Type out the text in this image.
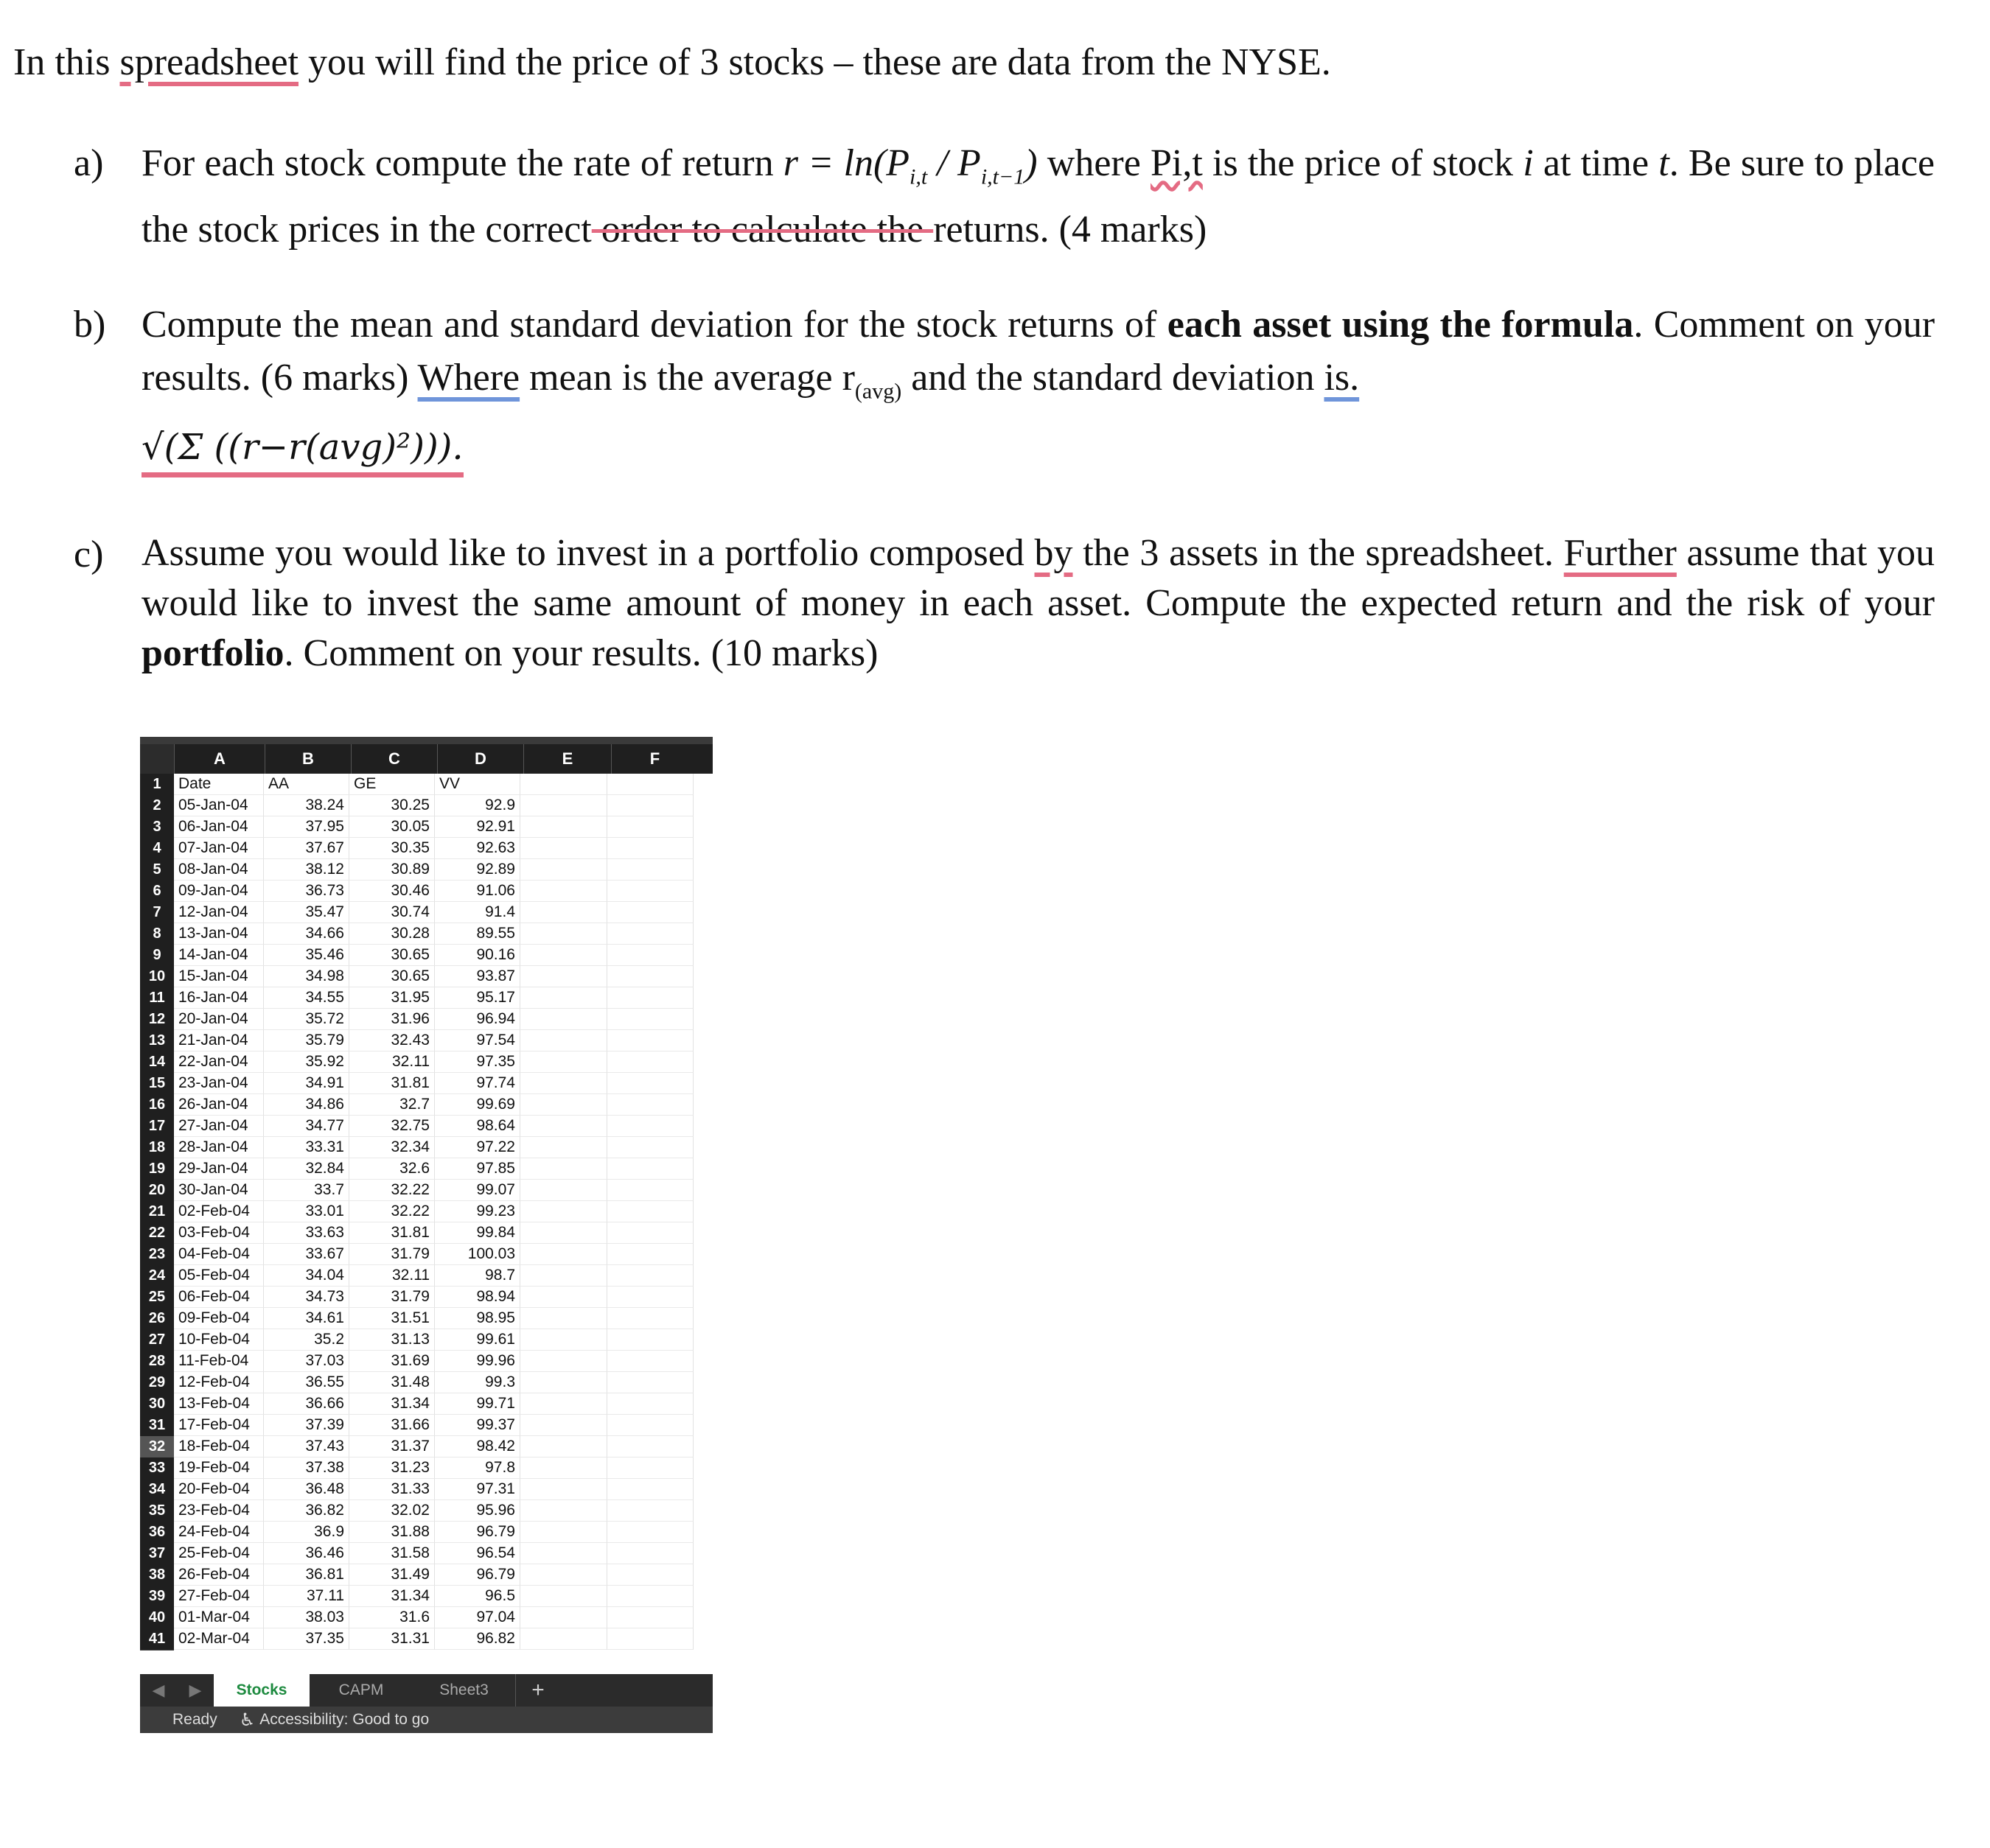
In this spreadsheet you will find the price of 3 stocks – these are data from the NYSE.
a) For each stock compute the rate of return $r = \ln(P_{i,t} / P_{i,t-1})$ where Pi,t is the price of stock i at time t. Be sure to place the stock prices in the correct order to calculate the returns. (4 marks)
b) Compute the mean and standard deviation for the stock returns of each asset using the formula. Comment on your results. (6 marks) Where mean is the average $r_{(avg)}$ and the standard deviation is.
√(Σ ((r−r(avg)²))).
c) Assume you would like to invest in a portfolio composed by the 3 assets in the spreadsheet. Further assume that you would like to invest the same amount of money in each asset. Compute the expected return and the risk of your portfolio. Comment on your results. (10 marks)
A	B	C	D	E	F
1	Date	AA	GE	VV
2	05-Jan-04	38.24	30.25	92.9
3	06-Jan-04	37.95	30.05	92.91
4	07-Jan-04	37.67	30.35	92.63
5	08-Jan-04	38.12	30.89	92.89
6	09-Jan-04	36.73	30.46	91.06
7	12-Jan-04	35.47	30.74	91.4
8	13-Jan-04	34.66	30.28	89.55
9	14-Jan-04	35.46	30.65	90.16
10 15-Jan-04	34.98	30.65	93.87
11 16-Jan-04	34.55	31.95	95.17
12 20-Jan-04	35.72	31.96	96.94
13 21-Jan-04	35.79	32.43	97.54
14 22-Jan-04	35.92	32.11	97.35
15 23-Jan-04	34.91	31.81	97.74
16 26-Jan-04	34.86	32.7	99.69
17 27-Jan-04	34.77	32.75	98.64
18 28-Jan-04	33.31	32.34	97.22
19 29-Jan-04	32.84	32.6	97.85
20 30-Jan-04	33.7	32.22	99.07
21 02-Feb-04	33.01	32.22	99.23
22 03-Feb-04	33.63	31.81	99.84
23 04-Feb-04	33.67	31.79	100.03
24 05-Feb-04	34.04	32.11	98.7
25 06-Feb-04	34.73	31.79	98.94
26 09-Feb-04	34.61	31.51	98.95
27 10-Feb-04	35.2	31.13	99.61
28 11-Feb-04	37.03	31.69	99.96
29 12-Feb-04	36.55	31.48	99.3
30 13-Feb-04	36.66	31.34	99.71
31 17-Feb-04	37.39	31.66	99.37
32 18-Feb-04	37.43	31.37	98.42
33 19-Feb-04	37.38	31.23	97.8
34 20-Feb-04	36.48	31.33	97.31
35 23-Feb-04	36.82	32.02	95.96
36 24-Feb-04	36.9	31.88	96.79
37 25-Feb-04	36.46	31.58	96.54
38 26-Feb-04	36.81	31.49	96.79
39 27-Feb-04	37.11	31.34	96.5
40 01-Mar-04	38.03	31.6	97.04
41 02-Mar-04	37.35	31.31	96.82
◀	▶	Stocks	CAPM	Sheet3	+
Ready ♿ Accessibility: Good to go
